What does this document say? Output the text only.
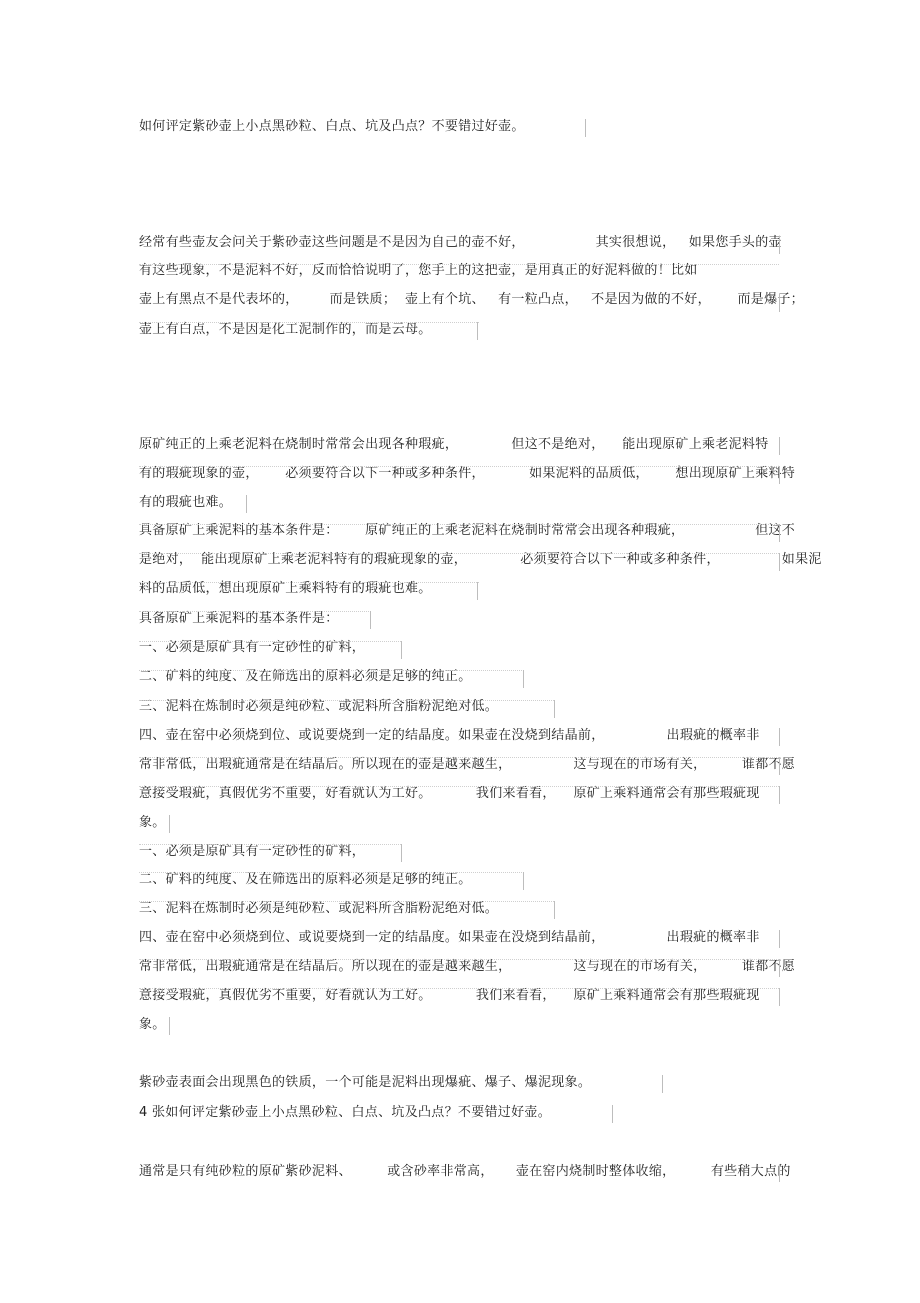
如何评定紫砂壶上小点黑砂粒、白点、坑及凸点？不要错过好壶。
经常有些壶友会问关于紫砂壶这些问题是不是因为自己的壶不好，                其实很想说，   如果您手头的壶
有这些现象，不是泥料不好，反而恰恰说明了，您手上的这把壶，是用真正的好泥料做的！比如
壶上有黑点不是代表坏的，       而是铁质；  壶上有个坑、   有一粒凸点，   不是因为做的不好，      而是爆子；
壶上有白点，不是因是化工泥制作的，而是云母。
原矿纯正的上乘老泥料在烧制时常常会出现各种瑕疵，            但这不是绝对，    能出现原矿上乘老泥料特
有的瑕疵现象的壶，      必须要符合以下一种或多种条件，          如果泥料的品质低，      想出现原矿上乘料特
有的瑕疵也难。
具备原矿上乘泥料的基本条件是：      原矿纯正的上乘老泥料在烧制时常常会出现各种瑕疵，                但这不
是绝对，  能出现原矿上乘老泥料特有的瑕疵现象的壶，            必须要符合以下一种或多种条件，              如果泥
料的品质低，想出现原矿上乘料特有的瑕疵也难。
具备原矿上乘泥料的基本条件是：
一、必须是原矿具有一定砂性的矿料，
二、矿料的纯度、及在筛选出的原料必须是足够的纯正。
三、泥料在炼制时必须是纯砂粒、或泥料所含脂粉泥绝对低。
四、壶在窑中必须烧到位、或说要烧到一定的结晶度。如果壶在没烧到结晶前，              出瑕疵的概率非
常非常低，出瑕疵通常是在结晶后。所以现在的壶是越来越生，              这与现在的市场有关，        谁都不愿
意接受瑕疵，真假优劣不重要，好看就认为工好。          我们来看看，    原矿上乘料通常会有那些瑕疵现
象。
一、必须是原矿具有一定砂性的矿料，
二、矿料的纯度、及在筛选出的原料必须是足够的纯正。
三、泥料在炼制时必须是纯砂粒、或泥料所含脂粉泥绝对低。
四、壶在窑中必须烧到位、或说要烧到一定的结晶度。如果壶在没烧到结晶前，              出瑕疵的概率非
常非常低，出瑕疵通常是在结晶后。所以现在的壶是越来越生，              这与现在的市场有关，        谁都不愿
意接受瑕疵，真假优劣不重要，好看就认为工好。          我们来看看，    原矿上乘料通常会有那些瑕疵现
象。
紫砂壶表面会出现黑色的铁质，一个可能是泥料出现爆疵、爆子、爆泥现象。
4 张如何评定紫砂壶上小点黑砂粒、白点、坑及凸点？不要错过好壶。
通常是只有纯砂粒的原矿紫砂泥料、        或含砂率非常高，     壶在窑内烧制时整体收缩，        有些稍大点的
